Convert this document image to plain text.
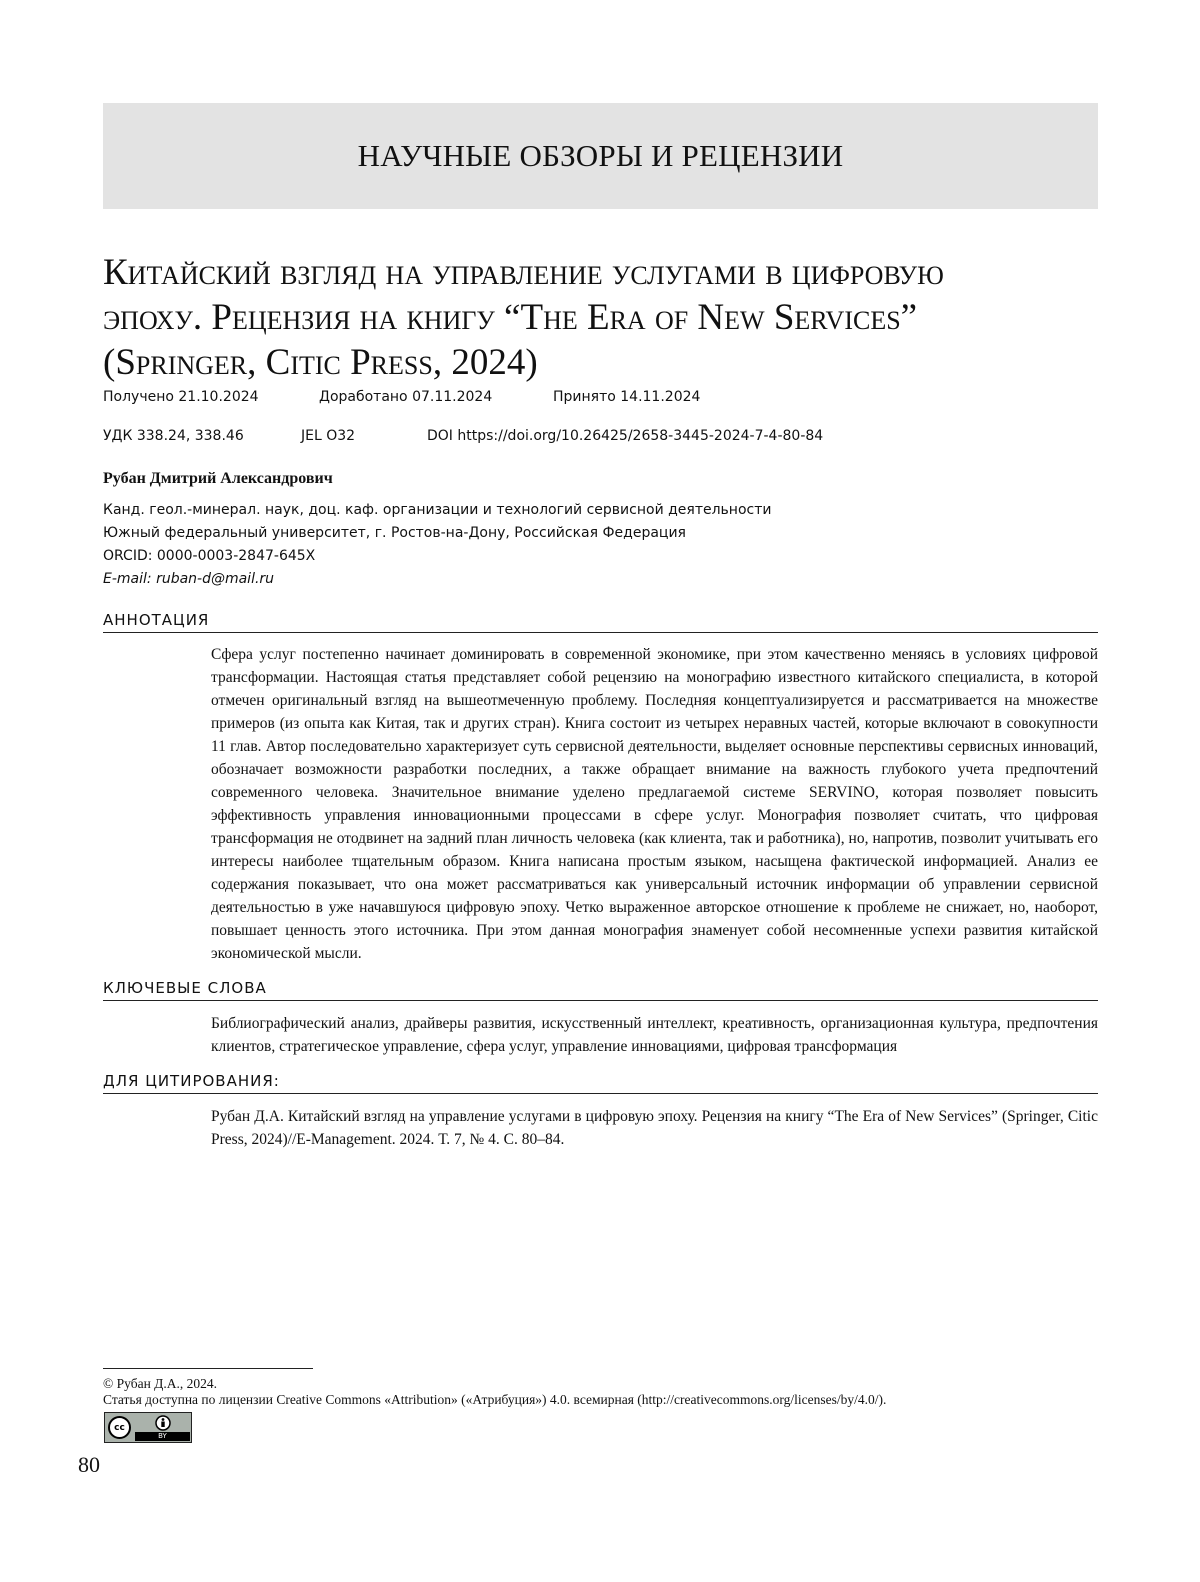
НАУЧНЫЕ ОБЗОРЫ И РЕЦЕНЗИИ
Китайский взгляд на управление услугами в цифровую
эпоху. Рецензия на книгу “The Era of New Services”
(Springer, Citic Press, 2024)
Получено 21.10.2024	Доработано 07.11.2024	Принято 14.11.2024
УДК 338.24, 338.46	JEL O32	DOI https://doi.org/10.26425/2658-3445-2024-7-4-80-84
Рубан Дмитрий Александрович
Канд. геол.-минерал. наук, доц. каф. организации и технологий сервисной деятельности
Южный федеральный университет, г. Ростов-на-Дону, Российская Федерация
ORCID: 0000-0003-2847-645X
E-mail: ruban-d@mail.ru
АННОТАЦИЯ
Сфера услуг постепенно начинает доминировать в современной экономике, при этом качественно меняясь в условиях цифровой трансформации. Настоящая статья представляет собой рецензию на монографию известного китайского специалиста, в которой отмечен оригинальный взгляд на вышеотмеченную проблему. Последняя концептуализируется и рассматривается на множестве примеров (из опыта как Китая, так и других стран). Книга состоит из четырех неравных частей, которые включают в совокупности 11 глав. Автор последовательно характеризует суть сервисной деятельности, выделяет основные перспективы сервисных инноваций, обозначает возможности разработки последних, а также обращает внимание на важность глубокого учета предпочтений современного человека. Значительное внимание уделено предлагаемой системе SERVINO, которая позволяет повысить эффективность управления инновационными процессами в сфере услуг. Монография позволяет считать, что цифровая трансформация не отодвинет на задний план личность человека (как клиента, так и работника), но, напротив, позволит учитывать его интересы наиболее тщательным образом. Книга написана простым языком, насыщена фактической информацией. Анализ ее содержания показывает, что она может рассматриваться как универсальный источник информации об управлении сервисной деятельностью в уже начавшуюся цифровую эпоху. Четко выраженное авторское отношение к проблеме не снижает, но, наоборот, повышает ценность этого источника. При этом данная монография знаменует собой несомненные успехи развития китайской экономической мысли.
КЛЮЧЕВЫЕ СЛОВА
Библиографический анализ, драйверы развития, искусственный интеллект, креативность, организационная культура, предпочтения клиентов, стратегическое управление, сфера услуг, управление инновациями, цифровая трансформация
ДЛЯ ЦИТИРОВАНИЯ:
Рубан Д.А. Китайский взгляд на управление услугами в цифровую эпоху. Рецензия на книгу “The Era of New Services” (Springer, Citic Press, 2024)//E-Management. 2024. Т. 7, № 4. С. 80–84.
© Рубан Д.А., 2024.
Статья доступна по лицензии Creative Commons «Attribution» («Атрибуция») 4.0. всемирная (http://creativecommons.org/licenses/by/4.0/).
cc
BY
80
